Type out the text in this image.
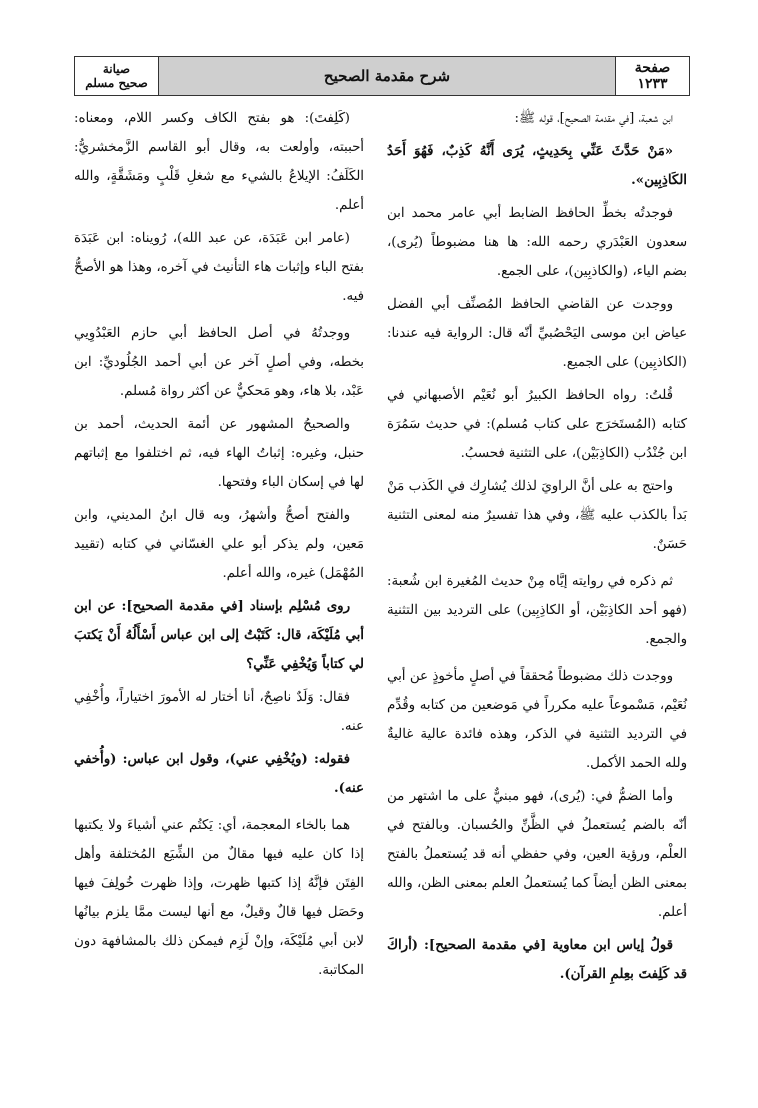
صيانة
صحيح مسلم	شرح مقدمة الصحيح	صفحة
١٢٣٣

ابن شعبة، [في مقدمة الصحيح]، قوله ﷺ:

«مَنْ حَدَّثَ عَنِّي بِحَدِيثٍ، يُرَى أَنَّهُ كَذِبٌ، فَهُوَ أَحَدُ الكَاذِبِين».

فوجدتُه بخطِّ الحافظ الضابط أبي عامر محمد ابن سعدون العَبْدَري رحمه الله: ها هنا مضبوطاً (يُرى)، بضم الياء، (والكاذبِين)، على الجمع.

ووجدت عن القاضي الحافظ المُصنِّف أبي الفضل عياض ابن موسى اليَحْصُبيِّ أنّه قال: الرواية فيه عندنا: (الكاذبِين) على الجميع.

قُلتُ: رواه الحافظ الكبيرُ أبو نُعَيْم الأصبهاني في كتابه (المُستَخرَج على كتاب مُسلم): في حديث سَمُرَة ابن جُنْدُب (الكاذِبَيْن)، على التثنية فحسبُ.

واحتج به على أنَّ الراويَ لذلك يُشارِك في الكَذب مَنْ بَدأ بالكذب عليه ﷺ، وفي هذا تفسيرٌ منه لمعنى التثنية حَسَنٌ.

ثم ذكره في روايته إيَّاه مِنْ حديث المُغيرة ابن شُعبة: (فهو أحد الكاذِبَيْن، أو الكاذِبِين) على الترديد بين التثنية والجمع.

ووجدت ذلك مضبوطاً مُحققاً في أصلٍ مأخوذٍ عن أبي نُعَيْم، مَسْموعاً عليه مكرراً في مَوضعين من كتابه وقُدِّم في الترديد التثنية في الذكر، وهذه فائدة عالية غاليةٌ ولله الحمد الأكمل.

وأما الضمُّ في: (يُرى)، فهو مبنيٌّ على ما اشتهر من أنّه بالضم يُستعملُ في الظَّنِّ والحُسبان. وبالفتح في العلْم، ورؤية العين، وفي حفظي أنه قد يُستعملُ بالفتح بمعنى الظن أيضاً كما يُستعملُ العلم بمعنى الظن، والله أعلم.

قولُ إياس ابن معاوية [في مقدمة الصحيح]: (أراكَ قد كَلِفتَ بعِلمِ القرآن).

(كَلِفتَ): هو بفتح الكاف وكسر اللام، ومعناه: أحببته، وأولعت به، وقال أبو القاسم الزَّمخشريُّ: الكَلَفُ: الإيلاعُ بالشيء مع شغلِ قَلْبٍ ومَشَقَّةٍ، والله أعلم.

(عامر ابن عَبَدَة، عن عبد الله)، رُويناه: ابن عَبَدَة بفتح الباء وإثبات هاء التأنيث في آخره، وهذا هو الأصحُّ فيه.

ووجدتُهُ في أصل الحافظ أبي حازم العَبْدُوِيي بخطه، وفي أصلٍ آخر عن أبي أحمد الجُلُوديِّ: ابن عَبْد، بلا هاء، وهو مَحكيٌّ عن أكثر رواة مُسلم.

والصحيحُ المشهور عن أئمة الحديث، أحمد بن حنبل، وغيره: إثباتُ الهاء فيه، ثم اختلفوا مع إثباتهم لها في إسكان الباء وفتحها.

والفتح أصحُّ وأشهرُ، وبه قال ابنُ المديني، وابن مَعين، ولم يذكر أبو علي الغسّاني في كتابه (تقييد المُهْمَل) غيره، والله أعلم.

روى مُسْلِم بإسناد [في مقدمة الصحيح]: عن ابن أبي مُلَيْكَة، قال: كَتَبْتُ إلى ابن عباس أَسْأَلُهُ أَنْ يَكتبَ لي كتاباً وَيُخْفِي عَنِّي؟

فقال: وَلَدٌ ناصِحٌ، أنا أختار له الأمورَ اختياراً، وأُخْفِي عنه.

فقوله: (ويُخْفِي عني)، وقول ابن عباس: (وأُخفي عنه).

هما بالخاء المعجمة، أي: يَكتُم عني أشياءَ ولا يكتبها إذا كان عليه فيها مقالٌ من الشِّيَع المُختلفة وأهل الفِتَن فإنَّهُ إذا كتبها ظهرت، وإذا ظهرت خُولِفَ فيها وحَصَل فيها قالٌ وقيلٌ، مع أنها ليست ممَّا يلزم بيانُها لابن أبي مُلَيْكَة، وإنْ لَزِم فيمكن ذلك بالمشافهة دون المكاتبة.
